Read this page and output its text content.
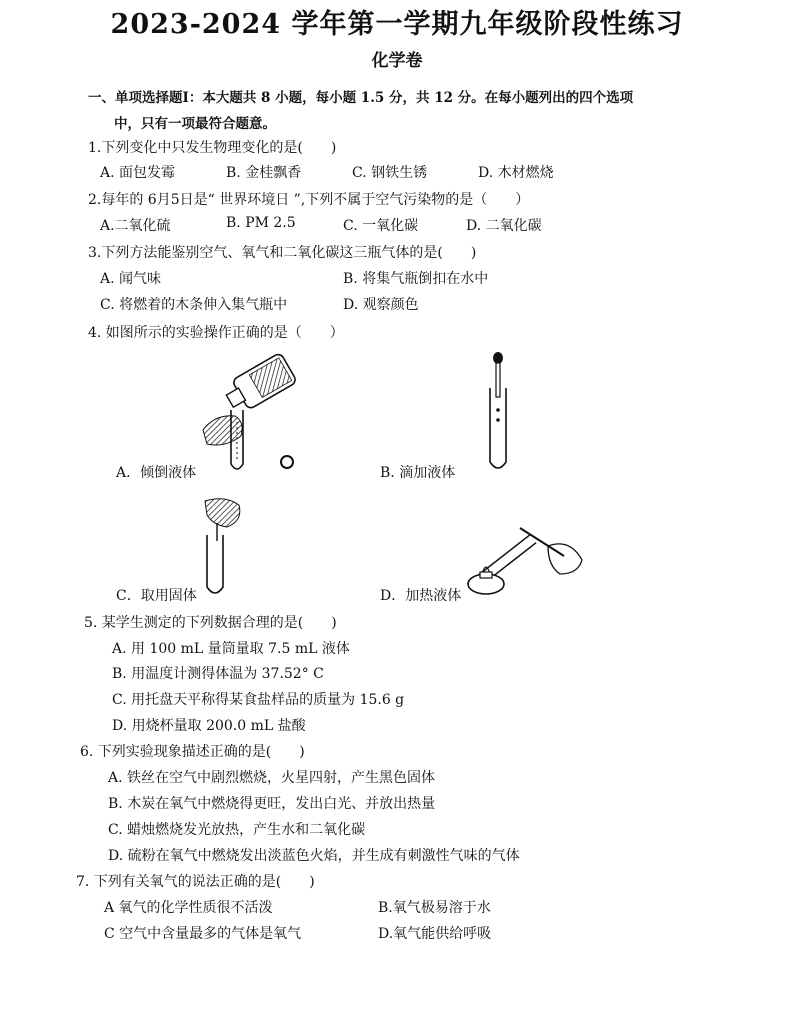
2023-2024 学年第一学期九年级阶段性练习
化学卷
一、单项选择题Ⅰ：本大题共 8 小题，每小题 1.5 分，共 12 分。在每小题列出的四个选项
中，只有一项最符合题意。
1.下列变化中只发生物理变化的是(　　)
A. 面包发霉	B. 金桂飘香	C. 钢铁生锈	D. 木材燃烧
2.每年的 6月5日是“ 世界环境日 ”,下列不属于空气污染物的是（　　）
A.二氧化硫	B. PM 2.5	C. 一氧化碳	D. 二氧化碳
3.下列方法能鉴别空气、氧气和二氧化碳这三瓶气体的是(　　)
A. 闻气味	B. 将集气瓶倒扣在水中
C. 将燃着的木条伸入集气瓶中	D. 观察颜色
4. 如图所示的实验操作正确的是（　　）
A．倾倒液体	B. 滴加液体
C．取用固体	D．加热液体
5. 某学生测定的下列数据合理的是(　　)
A. 用 100 mL 量筒量取 7.5 mL 液体
B. 用温度计测得体温为 37.52° C
C. 用托盘天平称得某食盐样品的质量为 15.6 g
D. 用烧杯量取 200.0 mL 盐酸
6. 下列实验现象描述正确的是(　　)
A. 铁丝在空气中剧烈燃烧，火星四射，产生黑色固体
B. 木炭在氧气中燃烧得更旺，发出白光、并放出热量
C. 蜡烛燃烧发光放热，产生水和二氧化碳
D. 硫粉在氧气中燃烧发出淡蓝色火焰，并生成有刺激性气味的气体
7. 下列有关氧气的说法正确的是(　　)
A 氧气的化学性质很不活泼	B.氧气极易溶于水
C 空气中含量最多的气体是氧气	D.氧气能供给呼吸
